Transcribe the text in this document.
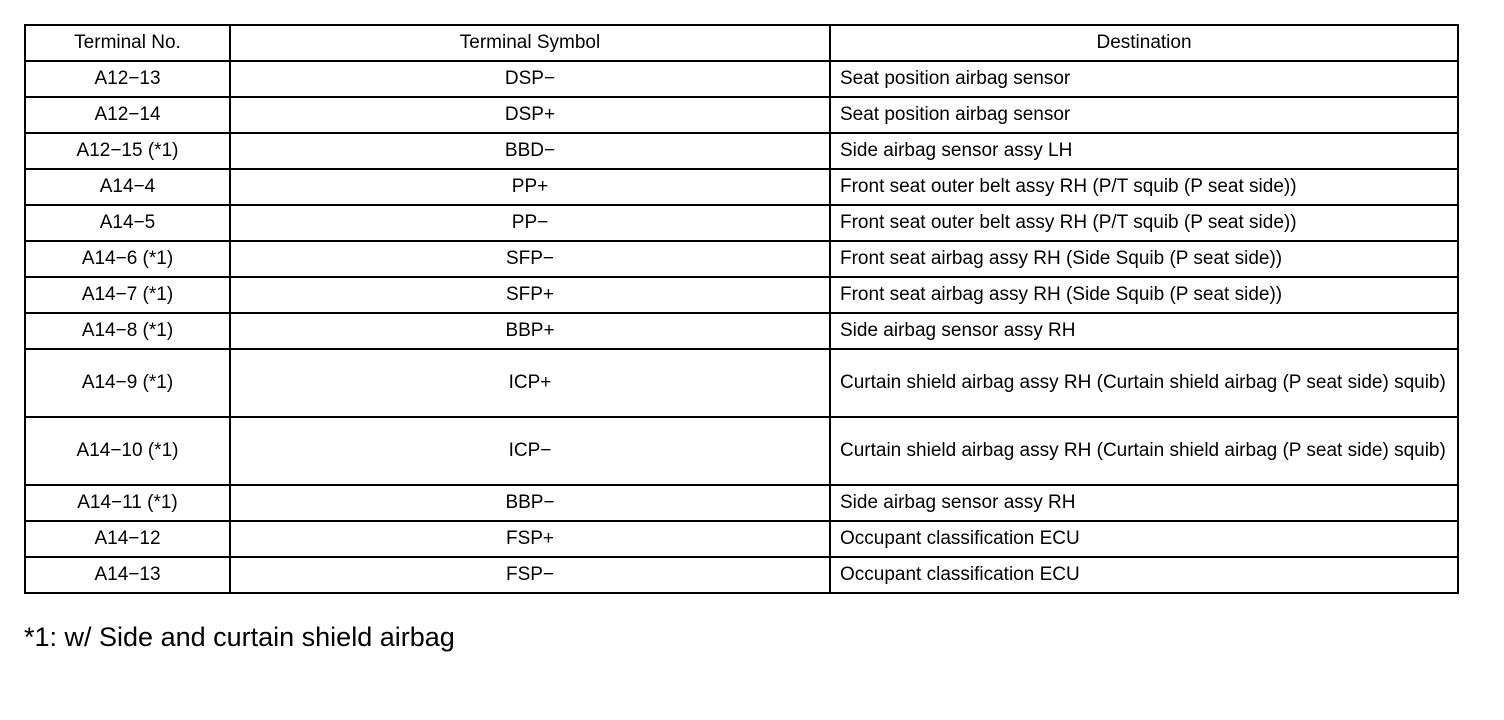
Terminal No.	Terminal Symbol	Destination
A12−13	DSP−	Seat position airbag sensor
A12−14	DSP+	Seat position airbag sensor
A12−15 (*1)	BBD−	Side airbag sensor assy LH
A14−4	PP+	Front seat outer belt assy RH (P/T squib (P seat side))
A14−5	PP−	Front seat outer belt assy RH (P/T squib (P seat side))
A14−6 (*1)	SFP−	Front seat airbag assy RH (Side Squib (P seat side))
A14−7 (*1)	SFP+	Front seat airbag assy RH (Side Squib (P seat side))
A14−8 (*1)	BBP+	Side airbag sensor assy RH
A14−9 (*1)	ICP+	Curtain shield airbag assy RH (Curtain shield airbag (P seat side) squib)
A14−10 (*1)	ICP−	Curtain shield airbag assy RH (Curtain shield airbag (P seat side) squib)
A14−11 (*1)	BBP−	Side airbag sensor assy RH
A14−12	FSP+	Occupant classification ECU
A14−13	FSP−	Occupant classification ECU
*1: w/ Side and curtain shield airbag
